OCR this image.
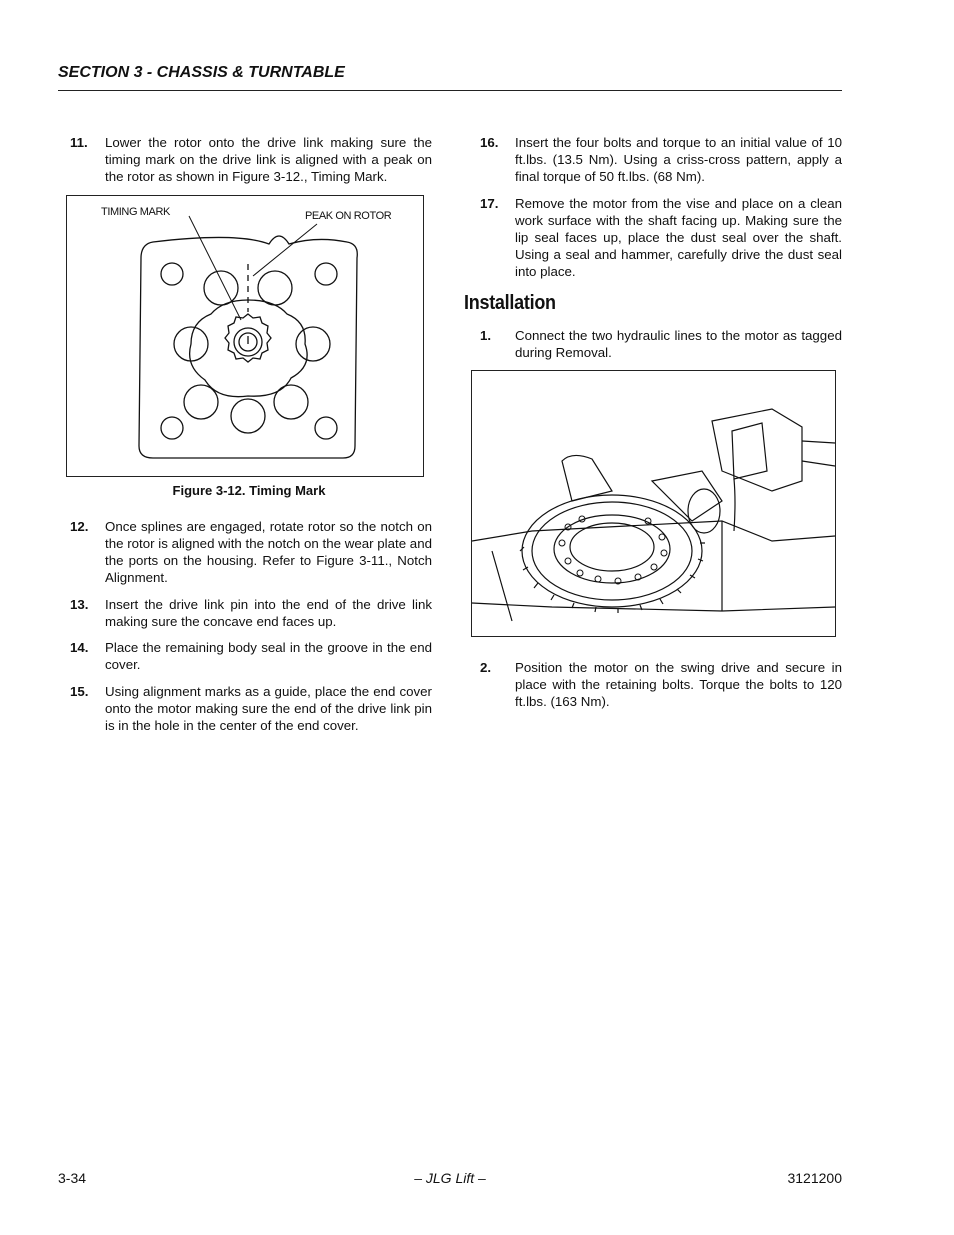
SECTION 3 - CHASSIS & TURNTABLE
11.	Lower the rotor onto the drive link making sure the timing mark on the drive link is aligned with a peak on the rotor as shown in Figure 3-12., Timing Mark.
TIMING MARK	PEAK ON ROTOR
Figure 3-12. Timing Mark
12.	Once splines are engaged, rotate rotor so the notch on the rotor is aligned with the notch on the wear plate and the ports on the housing. Refer to Figure 3-11., Notch Alignment.
13.	Insert the drive link pin into the end of the drive link making sure the concave end faces up.
14.	Place the remaining body seal in the groove in the end cover.
15.	Using alignment marks as a guide, place the end cover onto the motor making sure the end of the drive link pin is in the hole in the center of the end cover.
16.	Insert the four bolts and torque to an initial value of 10 ft.lbs. (13.5 Nm). Using a criss-cross pattern, apply a final torque of 50 ft.lbs. (68 Nm).
17.	Remove the motor from the vise and place on a clean work surface with the shaft facing up. Making sure the lip seal faces up, place the dust seal over the shaft. Using a seal and hammer, carefully drive the dust seal into place.
Installation
1.	Connect the two hydraulic lines to the motor as tagged during Removal.
2.	Position the motor on the swing drive and secure in place with the retaining bolts. Torque the bolts to 120 ft.lbs. (163 Nm).
3-34	– JLG Lift –	3121200
